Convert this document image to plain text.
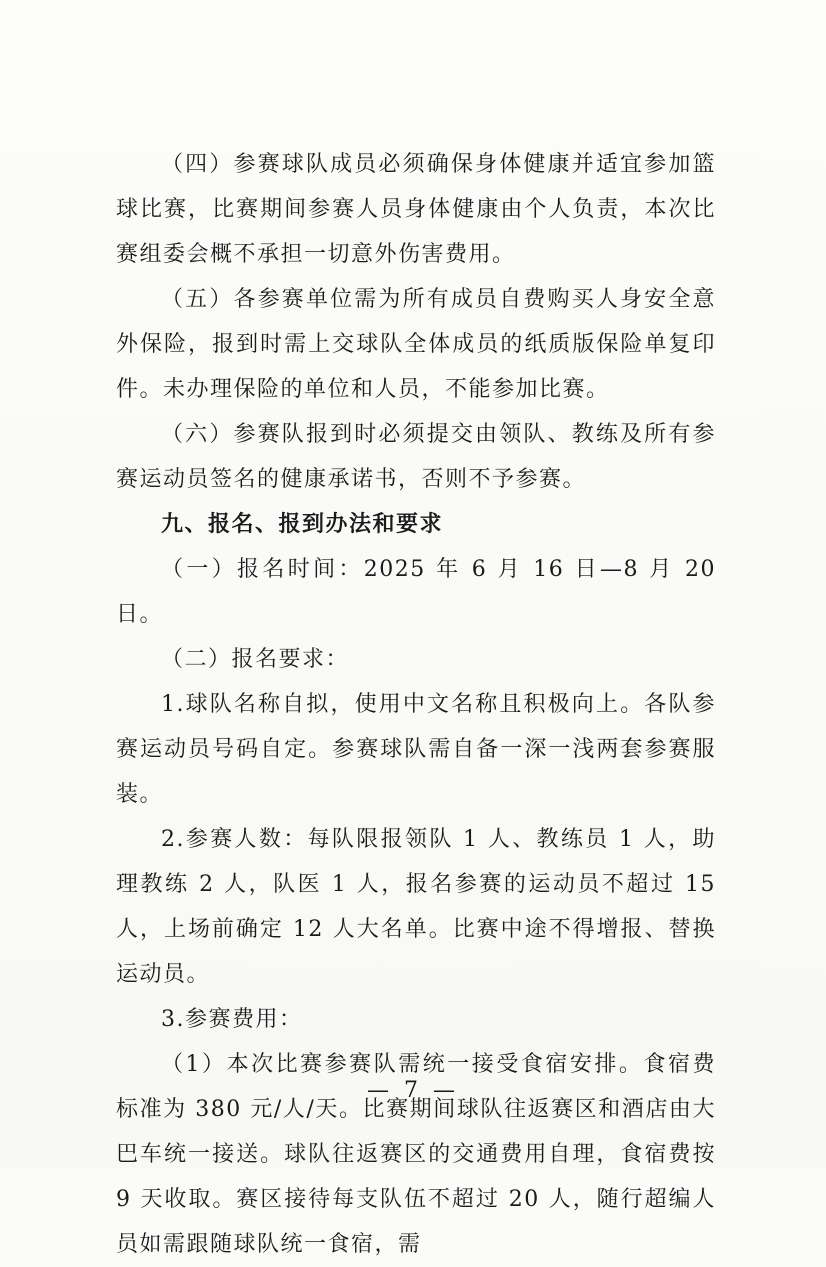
（四）参赛球队成员必须确保身体健康并适宜参加篮球比赛，比赛期间参赛人员身体健康由个人负责，本次比赛组委会概不承担一切意外伤害费用。

（五）各参赛单位需为所有成员自费购买人身安全意外保险，报到时需上交球队全体成员的纸质版保险单复印件。未办理保险的单位和人员，不能参加比赛。

（六）参赛队报到时必须提交由领队、教练及所有参赛运动员签名的健康承诺书，否则不予参赛。

九、报名、报到办法和要求

（一）报名时间：2025 年 6 月 16 日—8 月 20 日。

（二）报名要求：

1.球队名称自拟，使用中文名称且积极向上。各队参赛运动员号码自定。参赛球队需自备一深一浅两套参赛服装。

2.参赛人数：每队限报领队 1 人、教练员 1 人，助理教练 2 人，队医 1 人，报名参赛的运动员不超过 15 人，上场前确定 12 人大名单。比赛中途不得增报、替换运动员。

3.参赛费用：

（1）本次比赛参赛队需统一接受食宿安排。食宿费标准为 380 元/人/天。比赛期间球队往返赛区和酒店由大巴车统一接送。球队往返赛区的交通费用自理，食宿费按 9 天收取。赛区接待每支队伍不超过 20 人，随行超编人员如需跟随球队统一食宿，需

— 7 —
